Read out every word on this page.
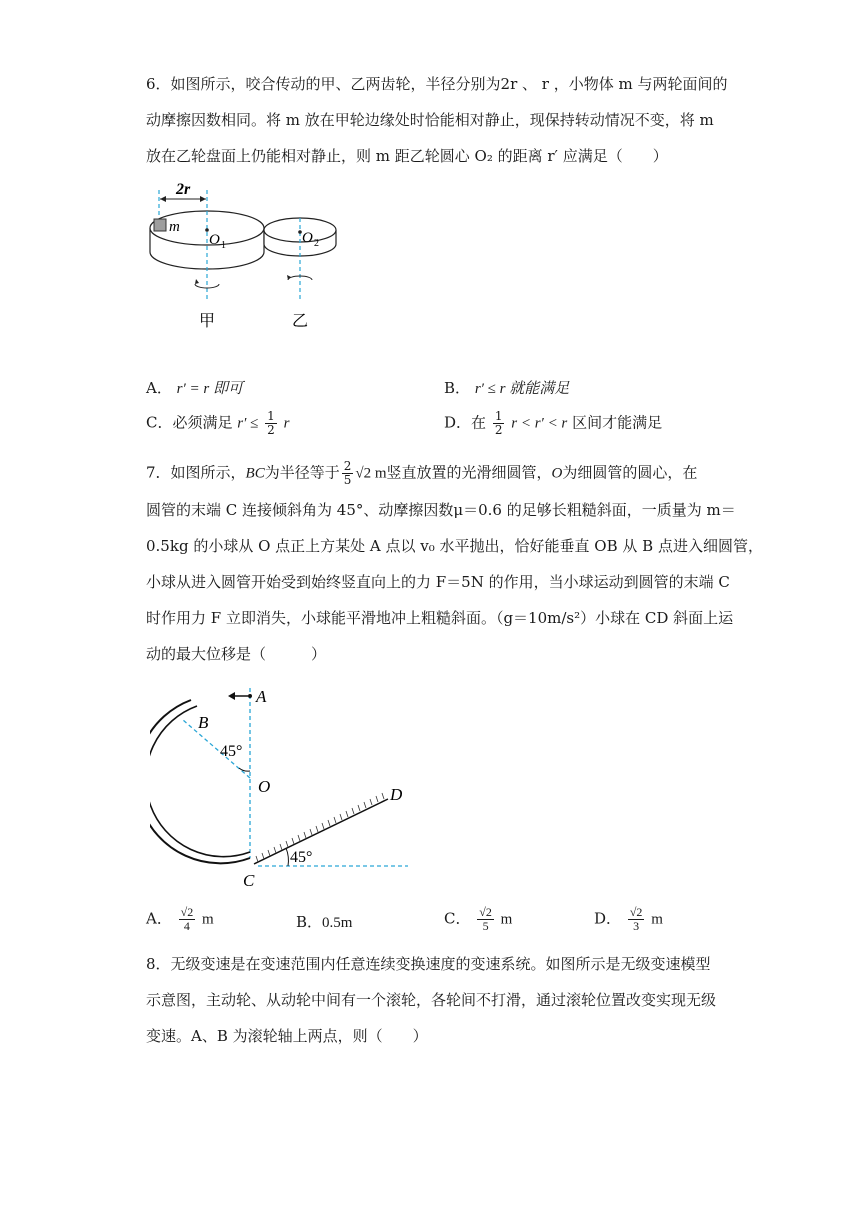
6．如图所示，咬合传动的甲、乙两齿轮，半径分别为2r 、 r ，小物体 m 与两轮面间的
动摩擦因数相同。将 m 放在甲轮边缘处时恰能相对静止，现保持转动情况不变，将 m
放在乙轮盘面上仍能相对静止，则 m 距乙轮圆心 O₂ 的距离 r′ 应满足（　　）
2r
m
O 1	O 2
甲	乙
A． r′ = r 即可	B． r′ ≤ r 就能满足
C．必须满足 $r' \le \frac{1}{2}$ r	D．在 $\frac{1}{2}$ r < r′ < r 区间才能满足
7．如图所示，BC为半径等于 $\frac{2}{5} √2$ m竖直放置的光滑细圆管，O为细圆管的圆心，在
圆管的末端 C 连接倾斜角为 45°、动摩擦因数μ＝0.6 的足够长粗糙斜面，一质量为 m＝
0.5kg 的小球从 O 点正上方某处 A 点以 v₀ 水平抛出，恰好能垂直 OB 从 B 点进入细圆管，
小球从进入圆管开始受到始终竖直向上的力 F＝5N 的作用，当小球运动到圆管的末端 C
时作用力 F 立即消失，小球能平滑地冲上粗糙斜面。（g＝10m/s²）小球在 CD 斜面上运
动的最大位移是（　　　）
A
B
O
C
D
45°
45°
A． $\frac{√2}{4}$ m	B．0.5m	C． $\frac{√2}{5}$ m	D． $\frac{√2}{3}$ m
8．无级变速是在变速范围内任意连续变换速度的变速系统。如图所示是无级变速模型
示意图，主动轮、从动轮中间有一个滚轮，各轮间不打滑，通过滚轮位置改变实现无级
变速。A、B 为滚轮轴上两点，则（　　）
